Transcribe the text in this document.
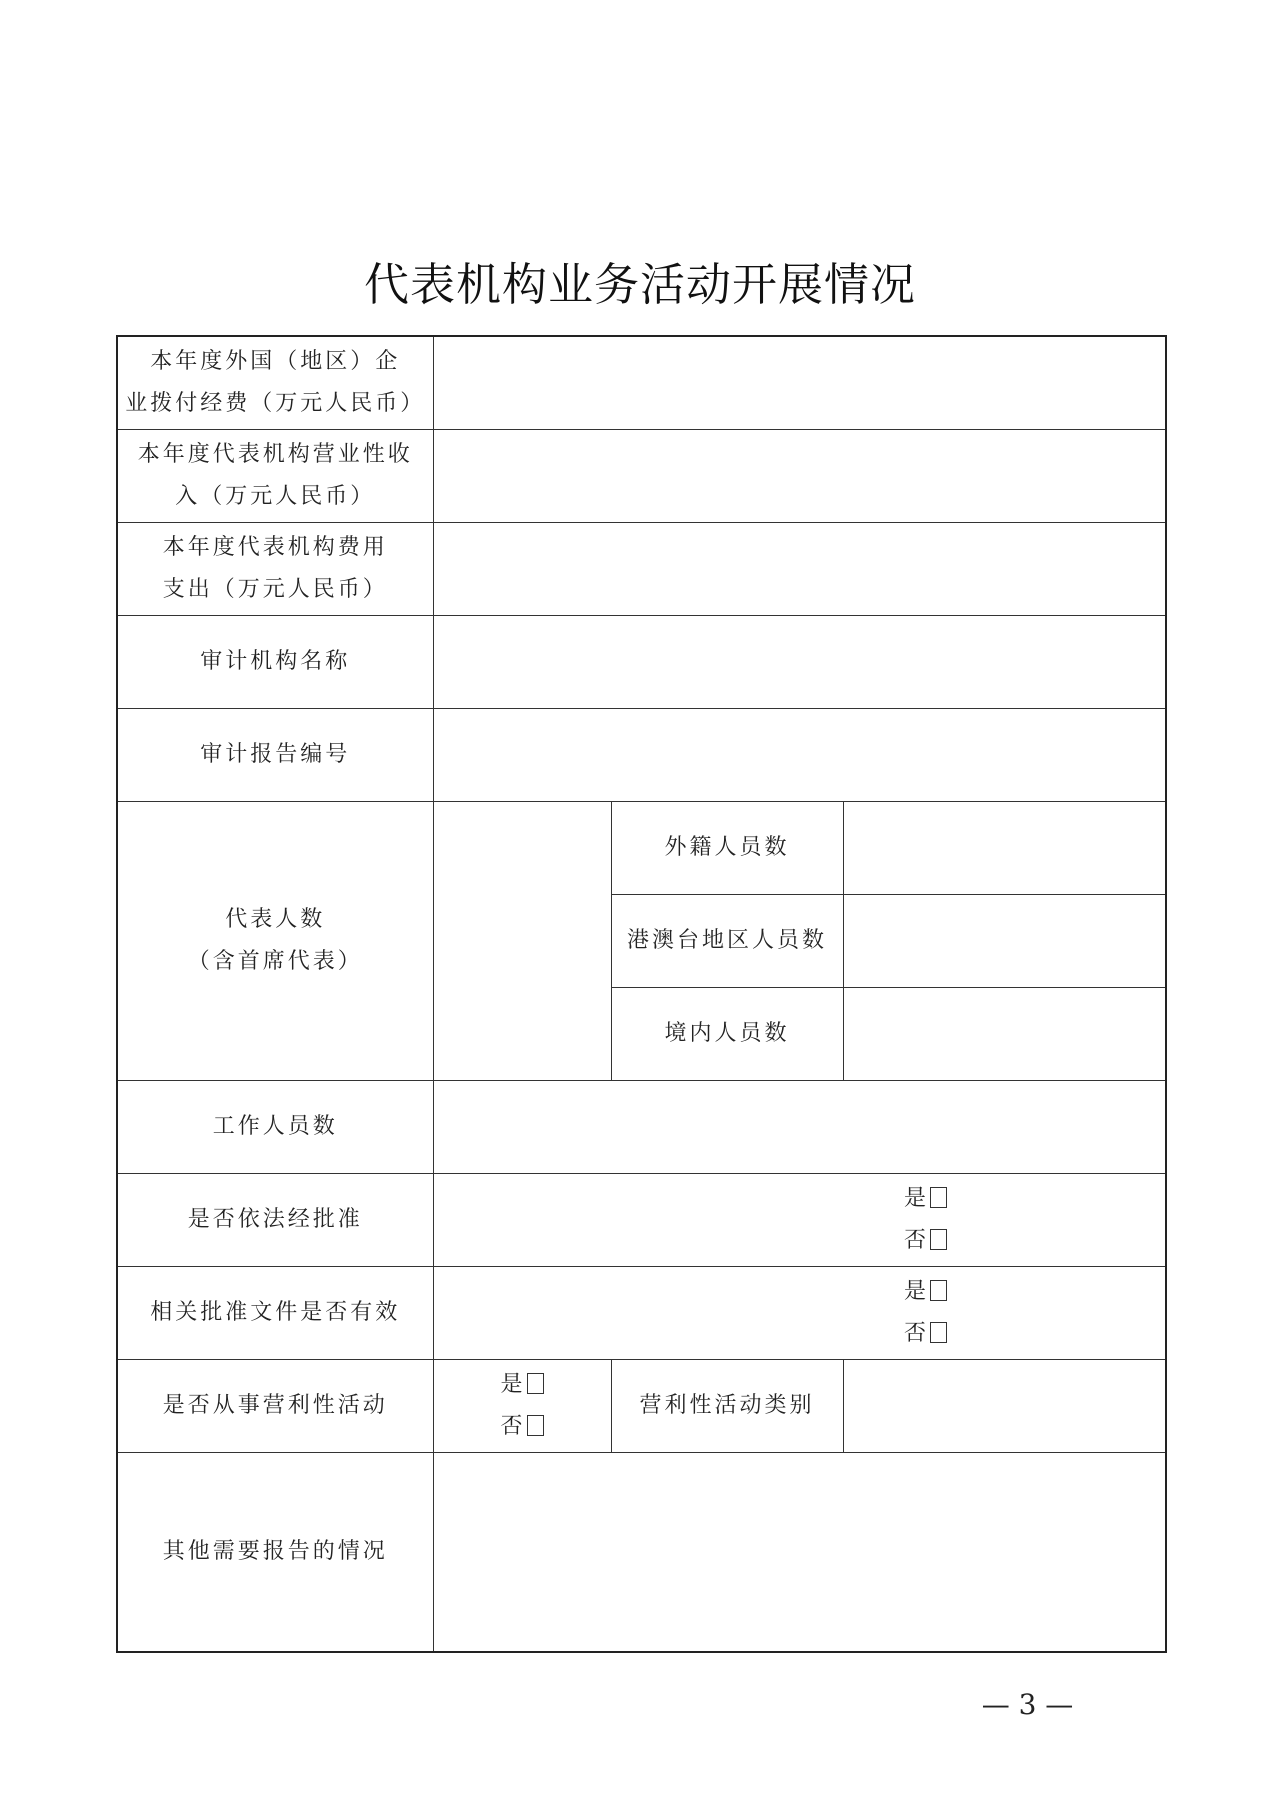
代表机构业务活动开展情况
本年度外国（地区）企
业拨付经费（万元人民币）			

本年度代表机构营业性收
入（万元人民币）			

本年度代表机构费用
支出（万元人民币）			

审计机构名称			
审计报告编号			

代表人数
（含首席代表）		外籍人员数	
		港澳台地区人员数	
		境内人员数	
工作人员数			
是否依法经批准	是
否		

相关批准文件是否有效	是
否		

是否从事营利性活动	是
否	营利性活动类别	
其他需要报告的情况			
— 3 —
